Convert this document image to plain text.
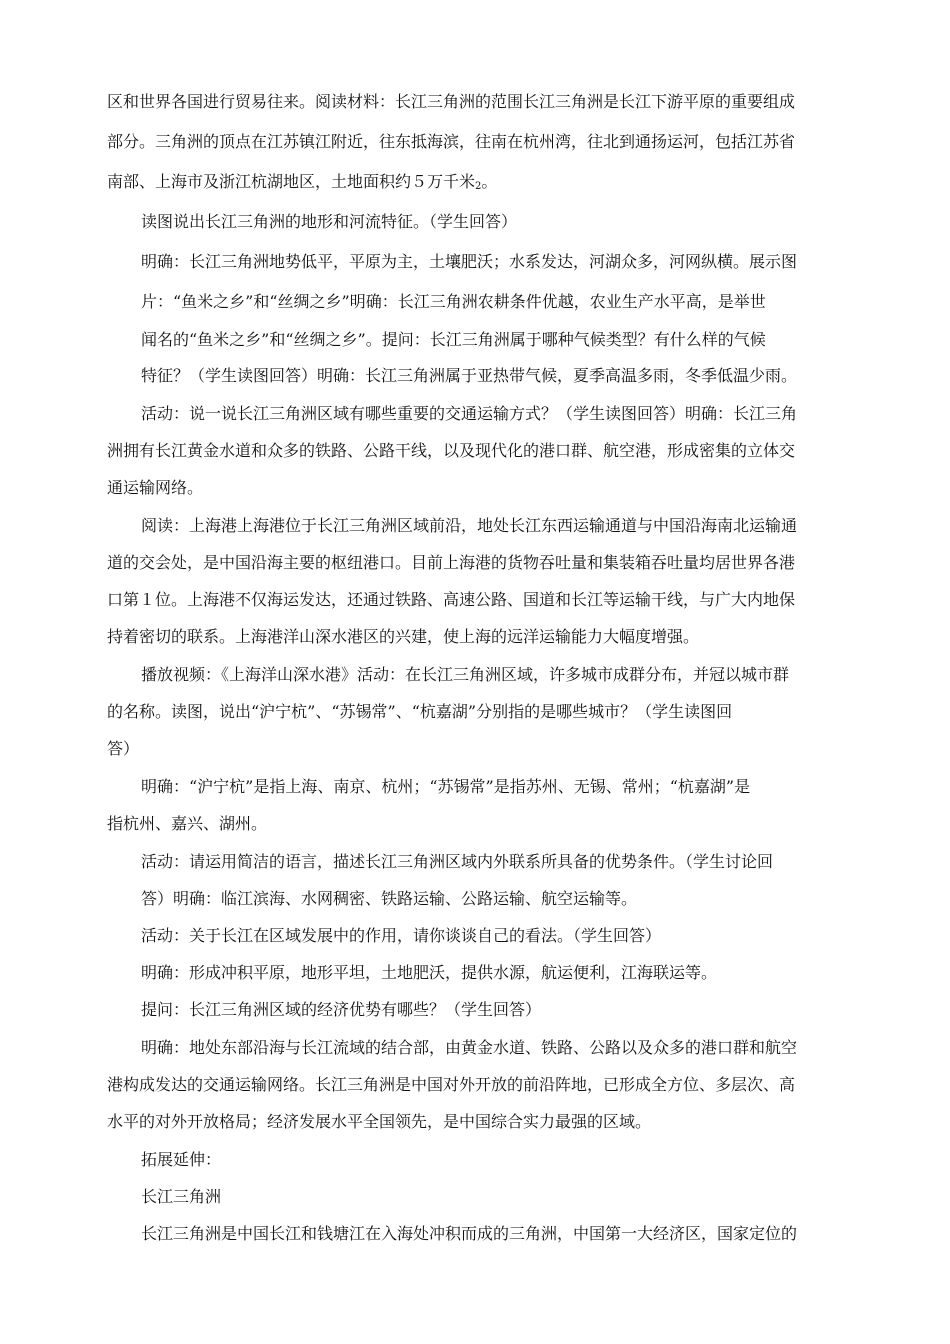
区和世界各国进行贸易往来。阅读材料：长江三角洲的范围长江三角洲是长江下游平原的重要组成
部分。三角洲的顶点在江苏镇江附近，往东抵海滨，往南在杭州湾，往北到通扬运河，包括江苏省
南部、上海市及浙江杭湖地区，土地面积约５万千米$_2$。
读图说出长江三角洲的地形和河流特征。（学生回答）
明确：长江三角洲地势低平，平原为主，土壤肥沃；水系发达，河湖众多，河网纵横。展示图
片：“鱼米之乡”和“丝绸之乡”明确：长江三角洲农耕条件优越，农业生产水平高，是举世
闻名的“鱼米之乡”和“丝绸之乡”。提问：长江三角洲属于哪种气候类型？有什么样的气候
特征？（学生读图回答）明确：长江三角洲属于亚热带气候，夏季高温多雨，冬季低温少雨。
活动：说一说长江三角洲区域有哪些重要的交通运输方式？（学生读图回答）明确：长江三角
洲拥有长江黄金水道和众多的铁路、公路干线，以及现代化的港口群、航空港，形成密集的立体交
通运输网络。
阅读：上海港上海港位于长江三角洲区域前沿，地处长江东西运输通道与中国沿海南北运输通
道的交会处，是中国沿海主要的枢纽港口。目前上海港的货物吞吐量和集装箱吞吐量均居世界各港
口第１位。上海港不仅海运发达，还通过铁路、高速公路、国道和长江等运输干线，与广大内地保
持着密切的联系。上海港洋山深水港区的兴建，使上海的远洋运输能力大幅度增强。
播放视频：《上海洋山深水港》活动：在长江三角洲区域，许多城市成群分布，并冠以城市群
的名称。读图，说出“沪宁杭”、“苏锡常”、“杭嘉湖”分别指的是哪些城市？（学生读图回
答）
明确：“沪宁杭”是指上海、南京、杭州；“苏锡常”是指苏州、无锡、常州；“杭嘉湖”是
指杭州、嘉兴、湖州。
活动：请运用简洁的语言，描述长江三角洲区域内外联系所具备的优势条件。（学生讨论回
答）明确：临江滨海、水网稠密、铁路运输、公路运输、航空运输等。
活动：关于长江在区域发展中的作用，请你谈谈自己的看法。（学生回答）
明确：形成冲积平原，地形平坦，土地肥沃，提供水源，航运便利，江海联运等。
提问：长江三角洲区域的经济优势有哪些？（学生回答）
明确：地处东部沿海与长江流域的结合部，由黄金水道、铁路、公路以及众多的港口群和航空
港构成发达的交通运输网络。长江三角洲是中国对外开放的前沿阵地，已形成全方位、多层次、高
水平的对外开放格局；经济发展水平全国领先，是中国综合实力最强的区域。
拓展延伸：
长江三角洲
长江三角洲是中国长江和钱塘江在入海处冲积而成的三角洲，中国第一大经济区，国家定位的
